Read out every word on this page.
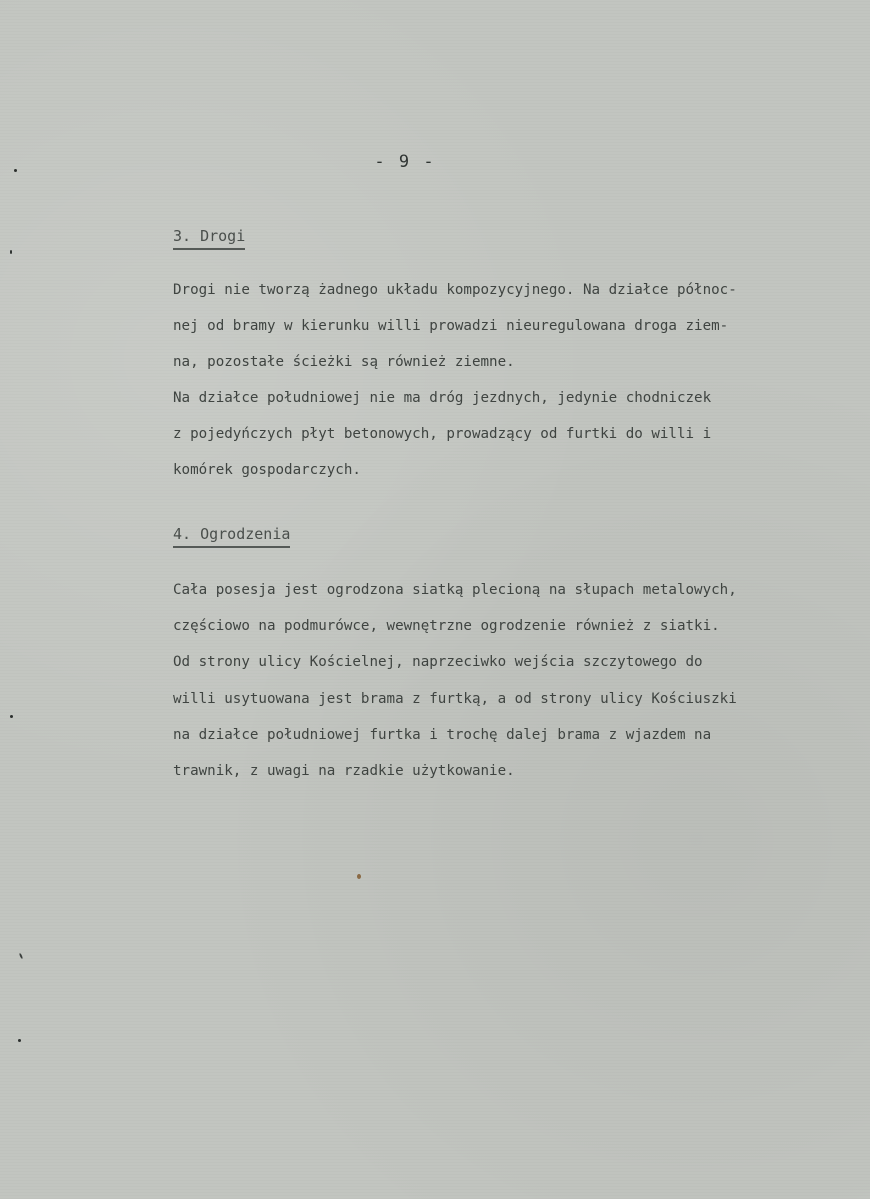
- 9 -
3. Drogi
Drogi nie tworzą żadnego układu kompozycyjnego. Na działce północ-
nej od bramy w kierunku willi prowadzi nieuregulowana droga ziem-
na, pozostałe ścieżki są również ziemne.
Na działce południowej nie ma dróg jezdnych, jedynie chodniczek
z pojedyńczych płyt betonowych, prowadzący od furtki do willi i
komórek gospodarczych.
4. Ogrodzenia
Cała posesja jest ogrodzona siatką plecioną na słupach metalowych,
częściowo na podmurówce, wewnętrzne ogrodzenie również z siatki.
Od strony ulicy Kościelnej, naprzeciwko wejścia szczytowego do
willi usytuowana jest brama z furtką, a od strony ulicy Kościuszki
na działce południowej furtka i trochę dalej brama z wjazdem na
trawnik, z uwagi na rzadkie użytkowanie.
